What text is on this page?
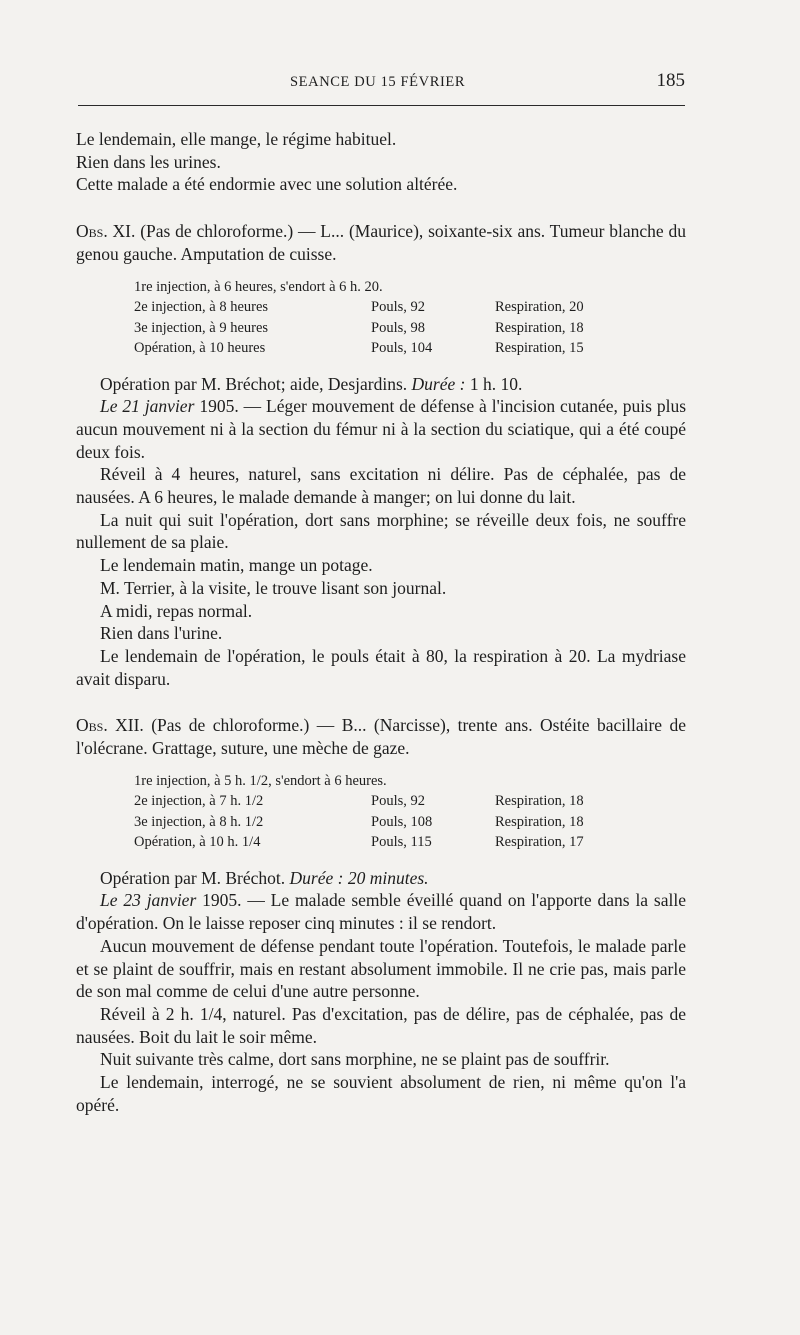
SEANCE DU 15 FÉVRIER	185

Le lendemain, elle mange, le régime habituel.

Rien dans les urines.

Cette malade a été endormie avec une solution altérée.

Obs. XI. (Pas de chloroforme.) — L... (Maurice), soixante-six ans. Tumeur blanche du genou gauche. Amputation de cuisse.

1re injection, à 6 heures, s'endort à 6 h. 20.
2e injection, à 8 heures	Pouls, 92	Respiration, 20
3e injection, à 9 heures	Pouls, 98	Respiration, 18
Opération, à 10 heures	Pouls, 104	Respiration, 15

Opération par M. Bréchot; aide, Desjardins. Durée : 1 h. 10.

Le 21 janvier 1905. — Léger mouvement de défense à l'incision cutanée, puis plus aucun mouvement ni à la section du fémur ni à la section du sciatique, qui a été coupé deux fois.

Réveil à 4 heures, naturel, sans excitation ni délire. Pas de céphalée, pas de nausées. A 6 heures, le malade demande à manger; on lui donne du lait.

La nuit qui suit l'opération, dort sans morphine; se réveille deux fois, ne souffre nullement de sa plaie.

Le lendemain matin, mange un potage.

M. Terrier, à la visite, le trouve lisant son journal.

A midi, repas normal.

Rien dans l'urine.

Le lendemain de l'opération, le pouls était à 80, la respiration à 20. La mydriase avait disparu.

Obs. XII. (Pas de chloroforme.) — B... (Narcisse), trente ans. Ostéite bacillaire de l'olécrane. Grattage, suture, une mèche de gaze.

1re injection, à 5 h. 1/2, s'endort à 6 heures.
2e injection, à 7 h. 1/2	Pouls, 92	Respiration, 18
3e injection, à 8 h. 1/2	Pouls, 108	Respiration, 18
Opération, à 10 h. 1/4	Pouls, 115	Respiration, 17

Opération par M. Bréchot. Durée : 20 minutes.

Le 23 janvier 1905. — Le malade semble éveillé quand on l'apporte dans la salle d'opération. On le laisse reposer cinq minutes : il se rendort.

Aucun mouvement de défense pendant toute l'opération. Toutefois, le malade parle et se plaint de souffrir, mais en restant absolument immobile. Il ne crie pas, mais parle de son mal comme de celui d'une autre personne.

Réveil à 2 h. 1/4, naturel. Pas d'excitation, pas de délire, pas de céphalée, pas de nausées. Boit du lait le soir même.

Nuit suivante très calme, dort sans morphine, ne se plaint pas de souffrir.

Le lendemain, interrogé, ne se souvient absolument de rien, ni même qu'on l'a opéré.
